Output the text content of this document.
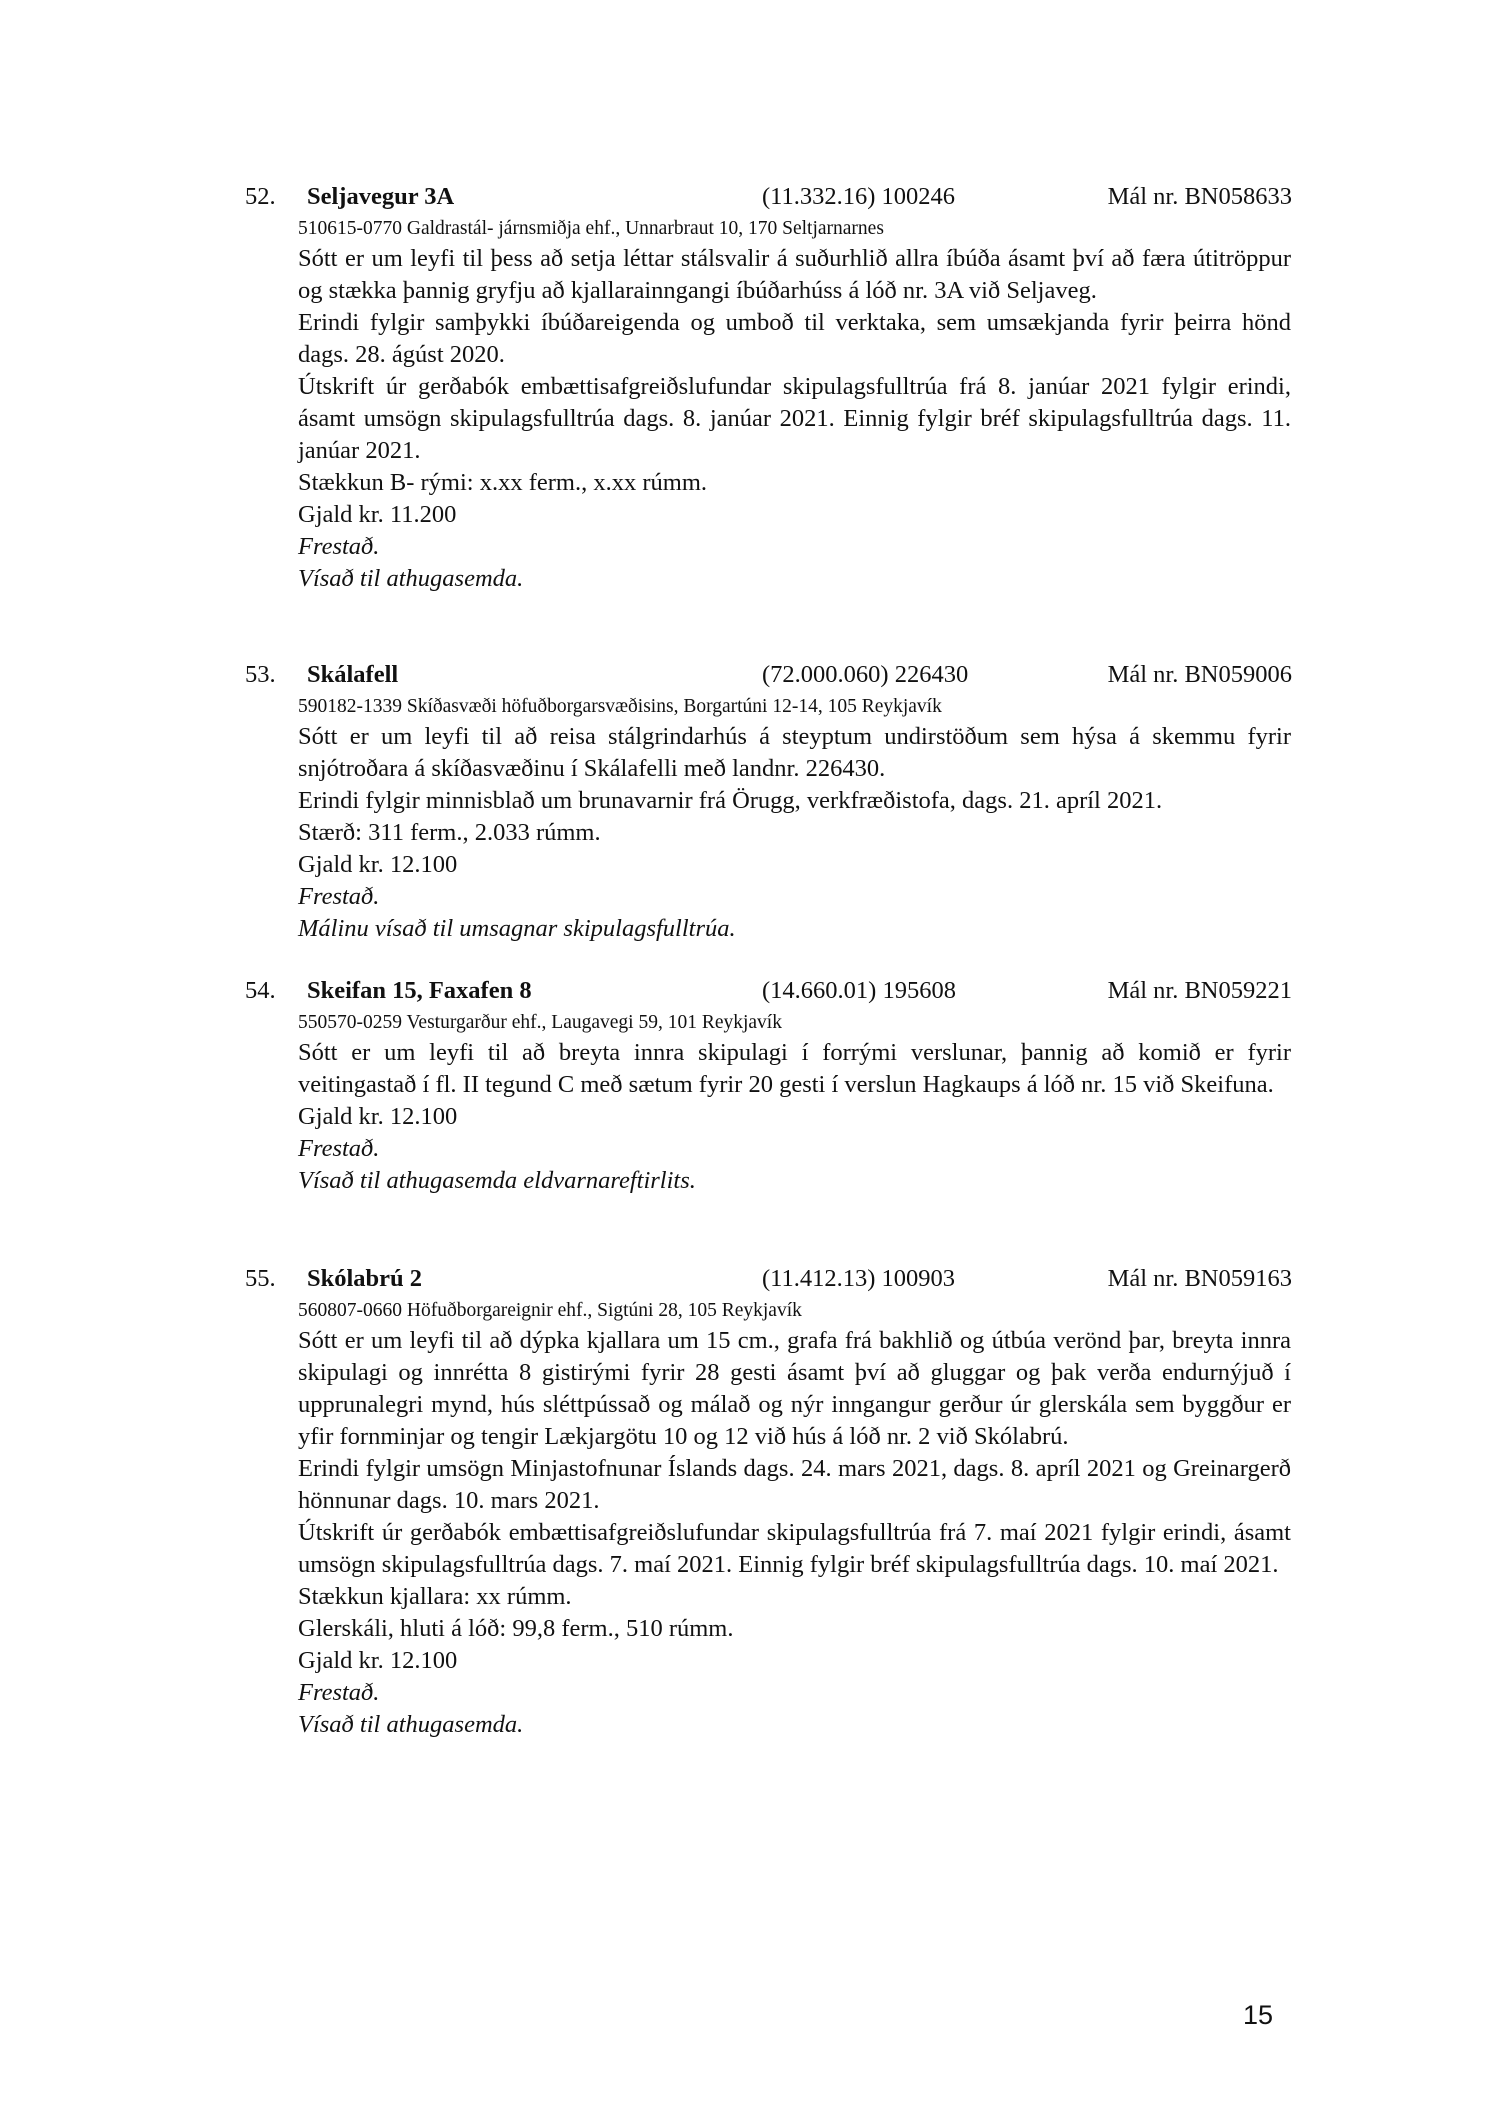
52. Seljavegur 3A	(11.332.16) 100246	Mál nr. BN058633
510615-0770 Galdrastál- járnsmiðja ehf., Unnarbraut 10, 170 Seltjarnarnes
Sótt er um leyfi til þess að setja léttar stálsvalir á suðurhlið allra íbúða ásamt því að færa útitröppur og stækka þannig gryfju að kjallarainngangi íbúðarhúss á lóð nr. 3A við Seljaveg.
Erindi fylgir samþykki íbúðareigenda og umboð til verktaka, sem umsækjanda fyrir þeirra hönd dags. 28. ágúst 2020.
Útskrift úr gerðabók embættisafgreiðslufundar skipulagsfulltrúa frá 8. janúar 2021 fylgir erindi, ásamt umsögn skipulagsfulltrúa dags. 8. janúar 2021. Einnig fylgir bréf skipulagsfulltrúa dags. 11. janúar 2021.
Stækkun B- rými: x.xx ferm., x.xx rúmm.
Gjald kr. 11.200
Frestað.
Vísað til athugasemda.
53. Skálafell	(72.000.060) 226430	Mál nr. BN059006
590182-1339 Skíðasvæði höfuðborgarsvæðisins, Borgartúni 12-14, 105 Reykjavík
Sótt er um leyfi til að reisa stálgrindarhús á steyptum undirstöðum sem hýsa á skemmu fyrir snjótroðara á skíðasvæðinu í Skálafelli með landnr. 226430.
Erindi fylgir minnisblað um brunavarnir frá Örugg, verkfræðistofa, dags. 21. apríl 2021.
Stærð: 311 ferm., 2.033 rúmm.
Gjald kr. 12.100
Frestað.
Málinu vísað til umsagnar skipulagsfulltrúa.
54. Skeifan 15, Faxafen 8	(14.660.01) 195608	Mál nr. BN059221
550570-0259 Vesturgarður ehf., Laugavegi 59, 101 Reykjavík
Sótt er um leyfi til að breyta innra skipulagi í forrými verslunar, þannig að komið er fyrir veitingastað í fl. II tegund C með sætum fyrir 20 gesti í verslun Hagkaups á lóð nr. 15 við Skeifuna.
Gjald kr. 12.100
Frestað.
Vísað til athugasemda eldvarnareftirlits.
55. Skólabrú 2	(11.412.13) 100903	Mál nr. BN059163
560807-0660 Höfuðborgareignir ehf., Sigtúni 28, 105 Reykjavík
Sótt er um leyfi til að dýpka kjallara um 15 cm., grafa frá bakhlið og útbúa verönd þar, breyta innra skipulagi og innrétta 8 gistirými fyrir 28 gesti ásamt því að gluggar og þak verða endurnýjuð í upprunalegri mynd, hús sléttpússað og málað og nýr inngangur gerður úr glerskála sem byggður er yfir fornminjar og tengir Lækjargötu 10 og 12 við hús á lóð nr. 2 við Skólabrú.
Erindi fylgir umsögn Minjastofnunar Íslands dags. 24. mars 2021, dags. 8. apríl 2021 og Greinargerð hönnunar dags. 10. mars 2021.
Útskrift úr gerðabók embættisafgreiðslufundar skipulagsfulltrúa frá 7. maí 2021 fylgir erindi, ásamt umsögn skipulagsfulltrúa dags. 7. maí 2021. Einnig fylgir bréf skipulagsfulltrúa dags. 10. maí 2021.
Stækkun kjallara: xx rúmm.
Glerskáli, hluti á lóð: 99,8 ferm., 510 rúmm.
Gjald kr. 12.100
Frestað.
Vísað til athugasemda.
15
